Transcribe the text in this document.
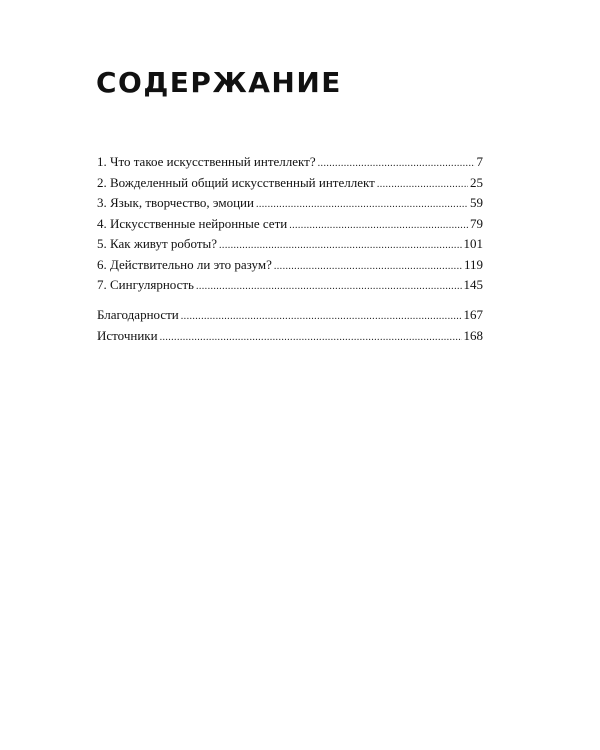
СОДЕРЖАНИЕ
1. Что такое искусственный интеллект? .....	7
2. Вожделенный общий искусственный интеллект .....	25
3. Язык, творчество, эмоции .....	59
4. Искусственные нейронные сети .....	79
5. Как живут роботы? .....	101
6. Действительно ли это разум? .....	119
7. Сингулярность .....	145
Благодарности .....	167
Источники .....	168
